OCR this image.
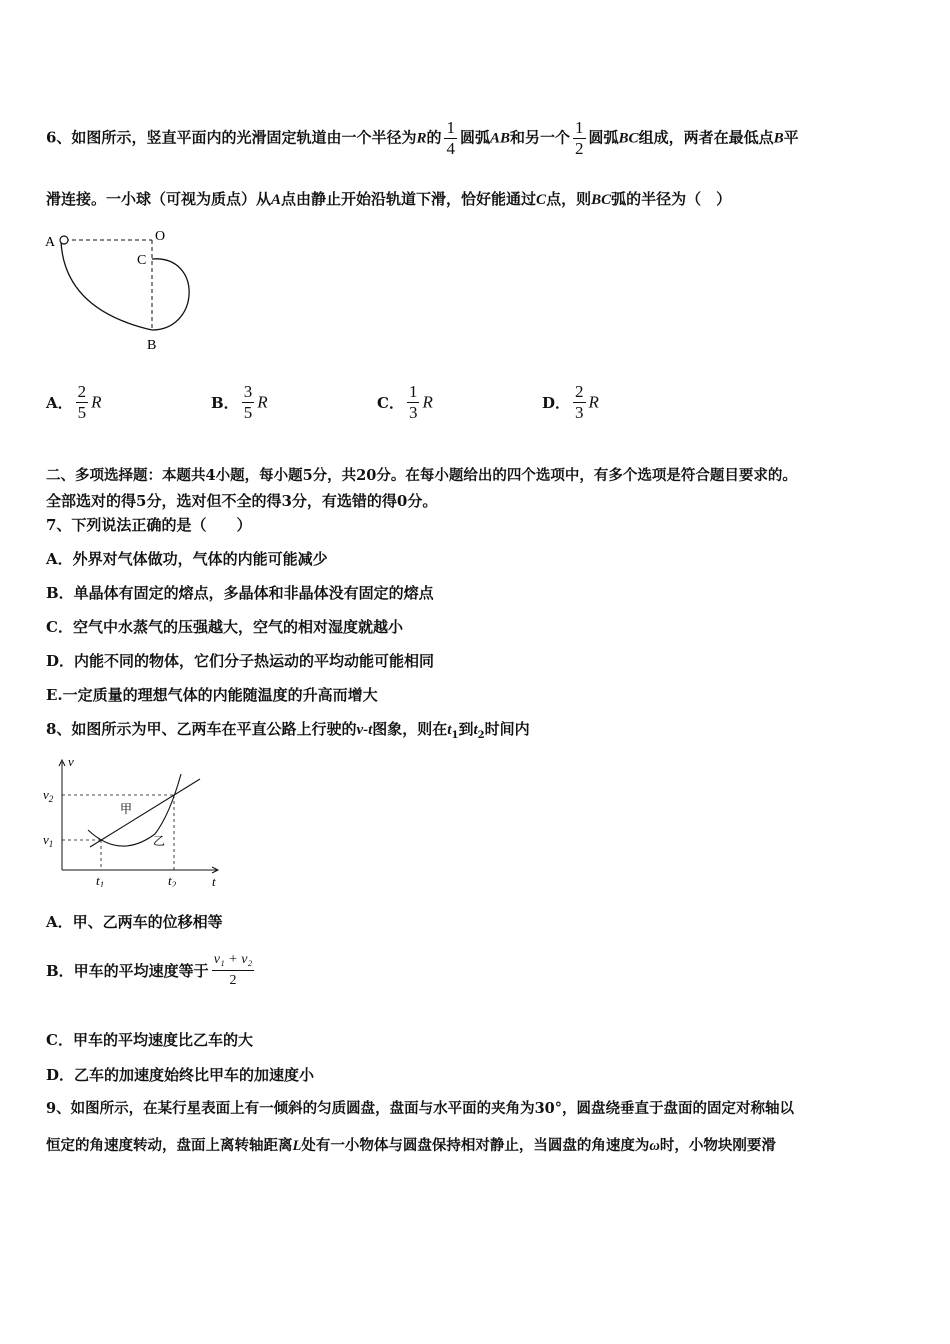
6、如图所示，竖直平面内的光滑固定轨道由一个半径为R的 $\frac{1}{4}$ 圆弧AB和另一个 $\frac{1}{2}$ 圆弧BC组成，两者在最低点B平
滑连接。一小球（可视为质点）从A点由静止开始沿轨道下滑，恰好能通过C点，则BC弧的半径为（　）
A	O
C
B
A． $\frac{2}{5}$ R	B． $\frac{3}{5}$ R	C． $\frac{1}{3}$ R	D． $\frac{2}{3}$ R
二、多项选择题：本题共4小题，每小题5分，共20分。在每小题给出的四个选项中，有多个选项是符合题目要求的。
全部选对的得5分，选对但不全的得3分，有选错的得0分。
7、下列说法正确的是（　　）
A．外界对气体做功，气体的内能可能减少
B．单晶体有固定的熔点，多晶体和非晶体没有固定的熔点
C．空气中水蒸气的压强越大，空气的相对湿度就越小
D．内能不同的物体，它们分子热运动的平均动能可能相同
E.一定质量的理想气体的内能随温度的升高而增大
8、如图所示为甲、乙两车在平直公路上行驶的v-t图象，则在$t_1$到$t_2$时间内
$v_2$
$v_1$
v
t
$t_1$	$t_2$
甲
乙
A．甲、乙两车的位移相等
B．甲车的平均速度等于 $\frac{\text{v₁ + v₂}}{2}$
C．甲车的平均速度比乙车的大
D．乙车的加速度始终比甲车的加速度小
9、如图所示，在某行星表面上有一倾斜的匀质圆盘，盘面与水平面的夹角为30°，圆盘绕垂直于盘面的固定对称轴以
恒定的角速度转动，盘面上离转轴距离L处有一小物体与圆盘保持相对静止，当圆盘的角速度为ω时，小物块刚要滑
